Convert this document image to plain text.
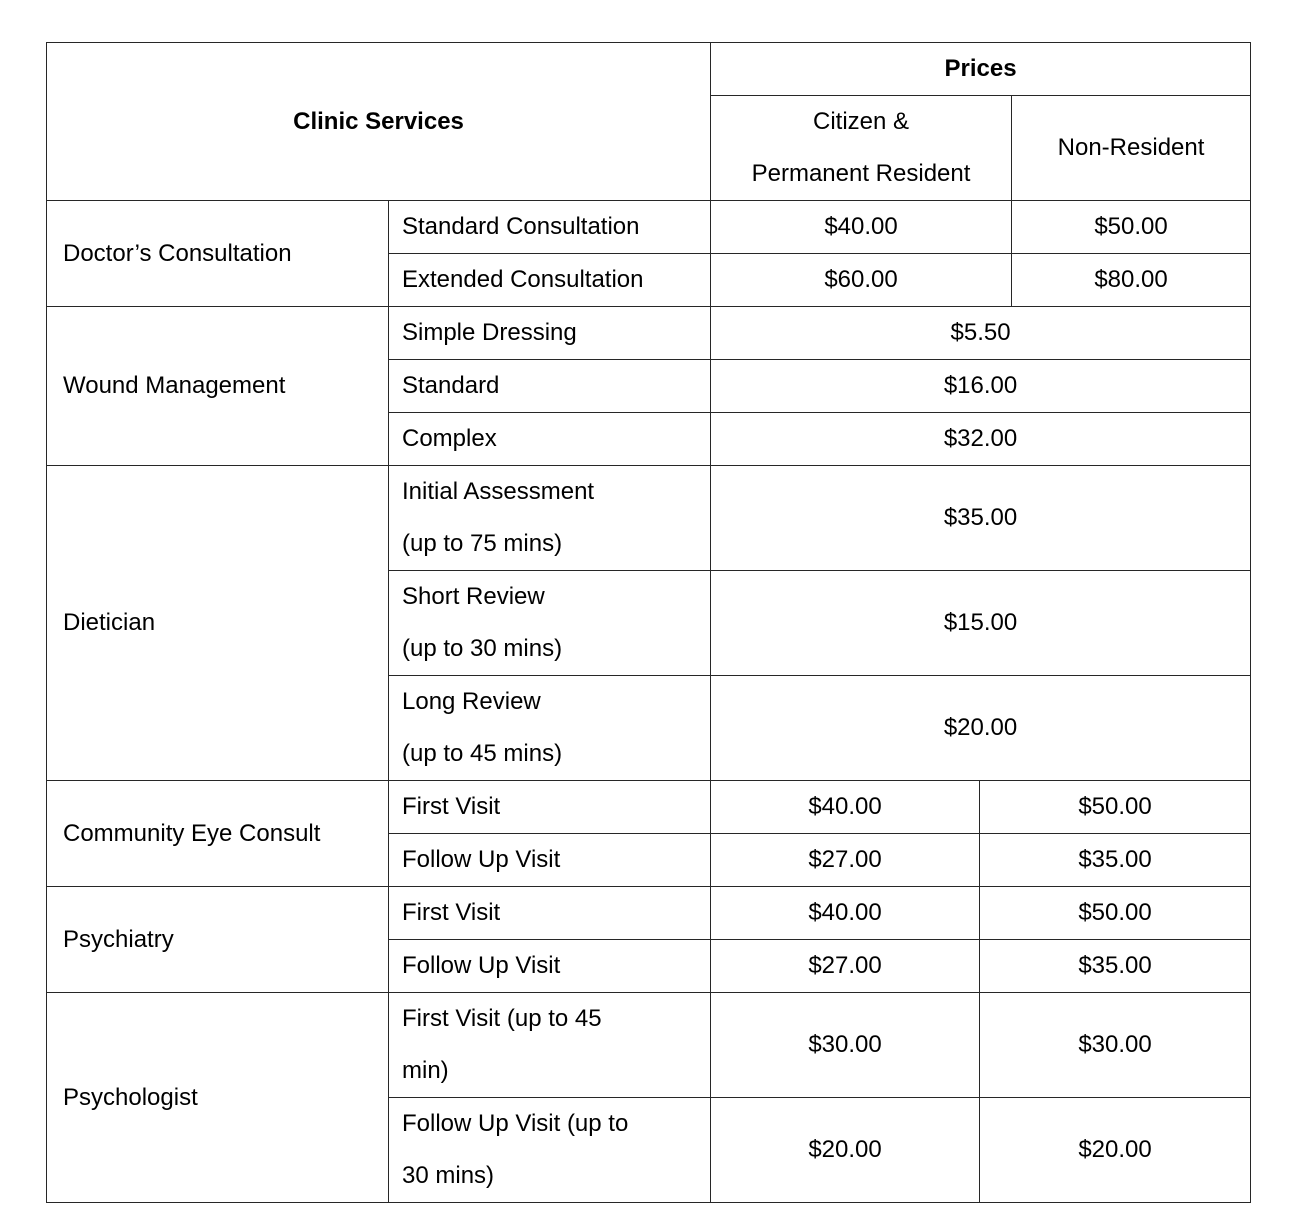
Clinic Services		Prices		

		Citizen &
Permanent Resident		Non-Resident
Doctor’s Consultation	Standard Consultation	$40.00		$50.00

	Extended Consultation	$60.00		$80.00
Wound Management	Simple Dressing	$5.50		

	Standard	$16.00		

	Complex	$32.00		
Dietician	Initial Assessment
(up to 75 mins)	$35.00		

	Short Review
(up to 30 mins)	$15.00		

	Long Review
(up to 45 mins)	$20.00		
Community Eye Consult	First Visit	$40.00	$50.00	

	Follow Up Visit	$27.00	$35.00	
Psychiatry	First Visit	$40.00	$50.00	

	Follow Up Visit	$27.00	$35.00	
Psychologist	First Visit (up to 45
min)	$30.00	$30.00	

	Follow Up Visit (up to
30 mins)	$20.00	$20.00	
